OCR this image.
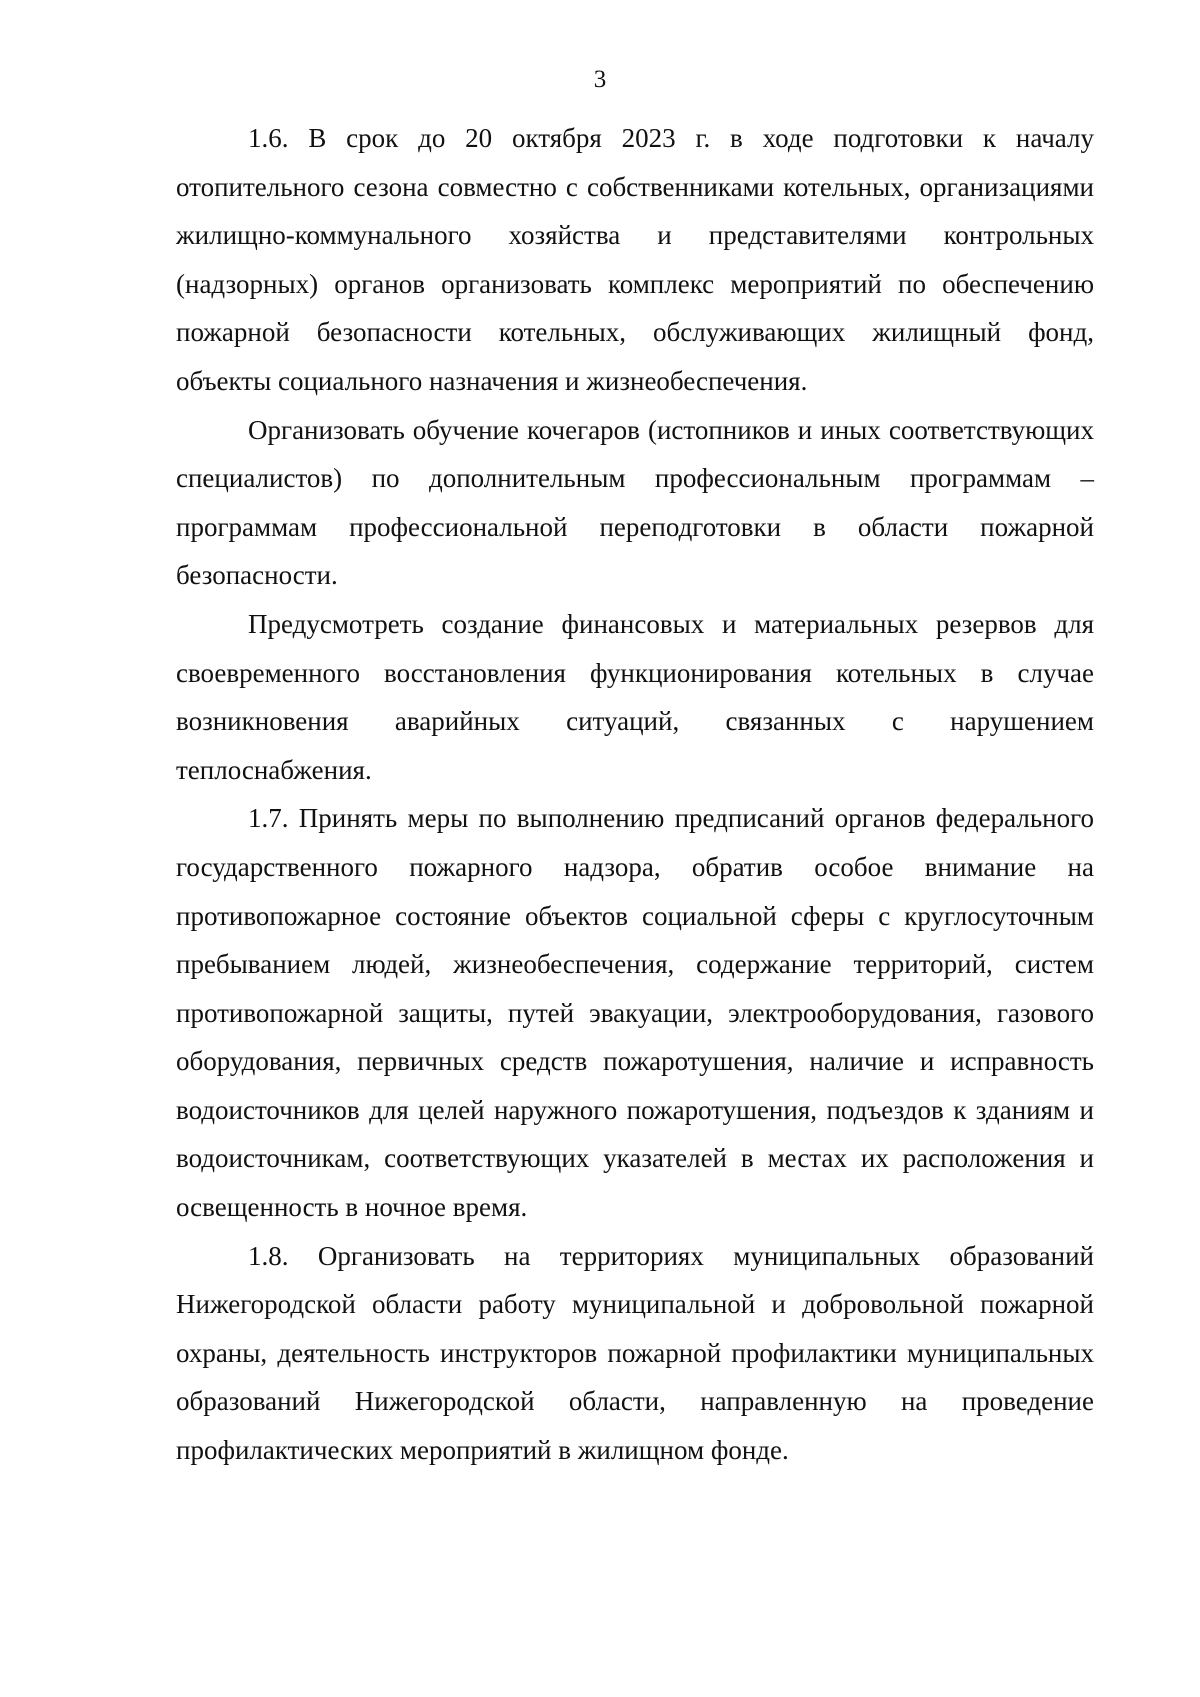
3

1.6. В срок до 20 октября 2023 г. в ходе подготовки к началу отопительного сезона совместно с собственниками котельных, организациями жилищно-коммунального хозяйства и представителями контрольных (надзорных) органов организовать комплекс мероприятий по обеспечению пожарной безопасности котельных, обслуживающих жилищный фонд, объекты социального назначения и жизнеобеспечения.

Организовать обучение кочегаров (истопников и иных соответствующих специалистов) по дополнительным профессиональным программам – программам профессиональной переподготовки в области пожарной безопасности.

Предусмотреть создание финансовых и материальных резервов для своевременного восстановления функционирования котельных в случае возникновения аварийных ситуаций, связанных с нарушением теплоснабжения.

1.7. Принять меры по выполнению предписаний органов федерального государственного пожарного надзора, обратив особое внимание на противопожарное состояние объектов социальной сферы с круглосуточным пребыванием людей, жизнеобеспечения, содержание территорий, систем противопожарной защиты, путей эвакуации, электрооборудования, газового оборудования, первичных средств пожаротушения, наличие и исправность водоисточников для целей наружного пожаротушения, подъездов к зданиям и водоисточникам, соответствующих указателей в местах их расположения и освещенность в ночное время.

1.8. Организовать на территориях муниципальных образований Нижегородской области работу муниципальной и добровольной пожарной охраны, деятельность инструкторов пожарной профилактики муниципальных образований Нижегородской области, направленную на проведение профилактических мероприятий в жилищном фонде.
